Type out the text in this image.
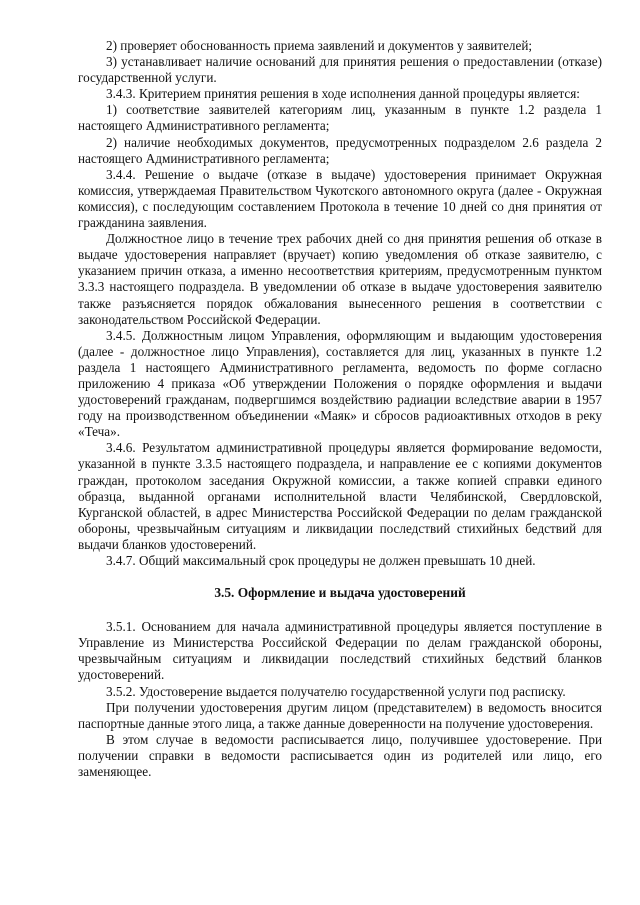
2) проверяет обоснованность приема заявлений и документов у заявителей;

3) устанавливает наличие оснований для принятия решения о предоставлении (отказе) государственной услуги.

3.4.3. Критерием принятия решения в ходе исполнения данной процедуры является:

1) соответствие заявителей категориям лиц, указанным в пункте 1.2 раздела 1 настоящего Административного регламента;

2) наличие необходимых документов, предусмотренных подразделом 2.6 раздела 2 настоящего Административного регламента;

3.4.4. Решение о выдаче (отказе в выдаче) удостоверения принимает Окружная комиссия, утверждаемая Правительством Чукотского автономного округа (далее - Окружная комиссия), с последующим составлением Протокола в течение 10 дней со дня принятия от гражданина заявления.

Должностное лицо в течение трех рабочих дней со дня принятия решения об отказе в выдаче удостоверения направляет (вручает) копию уведомления об отказе заявителю, с указанием причин отказа, а именно несоответствия критериям, предусмотренным пунктом 3.3.3 настоящего подраздела. В уведомлении об отказе в выдаче удостоверения заявителю также разъясняется порядок обжалования вынесенного решения в соответствии с законодательством Российской Федерации.

3.4.5. Должностным лицом Управления, оформляющим и выдающим удостоверения (далее - должностное лицо Управления), составляется для лиц, указанных в пункте 1.2 раздела 1 настоящего Административного регламента, ведомость по форме согласно приложению 4 приказа «Об утверждении Положения о порядке оформления и выдачи удостоверений гражданам, подвергшимся воздействию радиации вследствие аварии в 1957 году на производственном объединении «Маяк» и сбросов радиоактивных отходов в реку «Теча».

3.4.6. Результатом административной процедуры является формирование ведомости, указанной в пункте 3.3.5 настоящего подраздела, и направление ее с копиями документов граждан, протоколом заседания Окружной комиссии, а также копией справки единого образца, выданной органами исполнительной власти Челябинской, Свердловской, Курганской областей, в адрес Министерства Российской Федерации по делам гражданской обороны, чрезвычайным ситуациям и ликвидации последствий стихийных бедствий для выдачи бланков удостоверений.

3.4.7. Общий максимальный срок процедуры не должен превышать 10 дней.

3.5. Оформление и выдача удостоверений

3.5.1. Основанием для начала административной процедуры является поступление в Управление из Министерства Российской Федерации по делам гражданской обороны, чрезвычайным ситуациям и ликвидации последствий стихийных бедствий бланков удостоверений.

3.5.2. Удостоверение выдается получателю государственной услуги под расписку.

При получении удостоверения другим лицом (представителем) в ведомость вносится паспортные данные этого лица, а также данные доверенности на получение удостоверения.

В этом случае в ведомости расписывается лицо, получившее удостоверение. При получении справки в ведомости расписывается один из родителей или лицо, его заменяющее.
